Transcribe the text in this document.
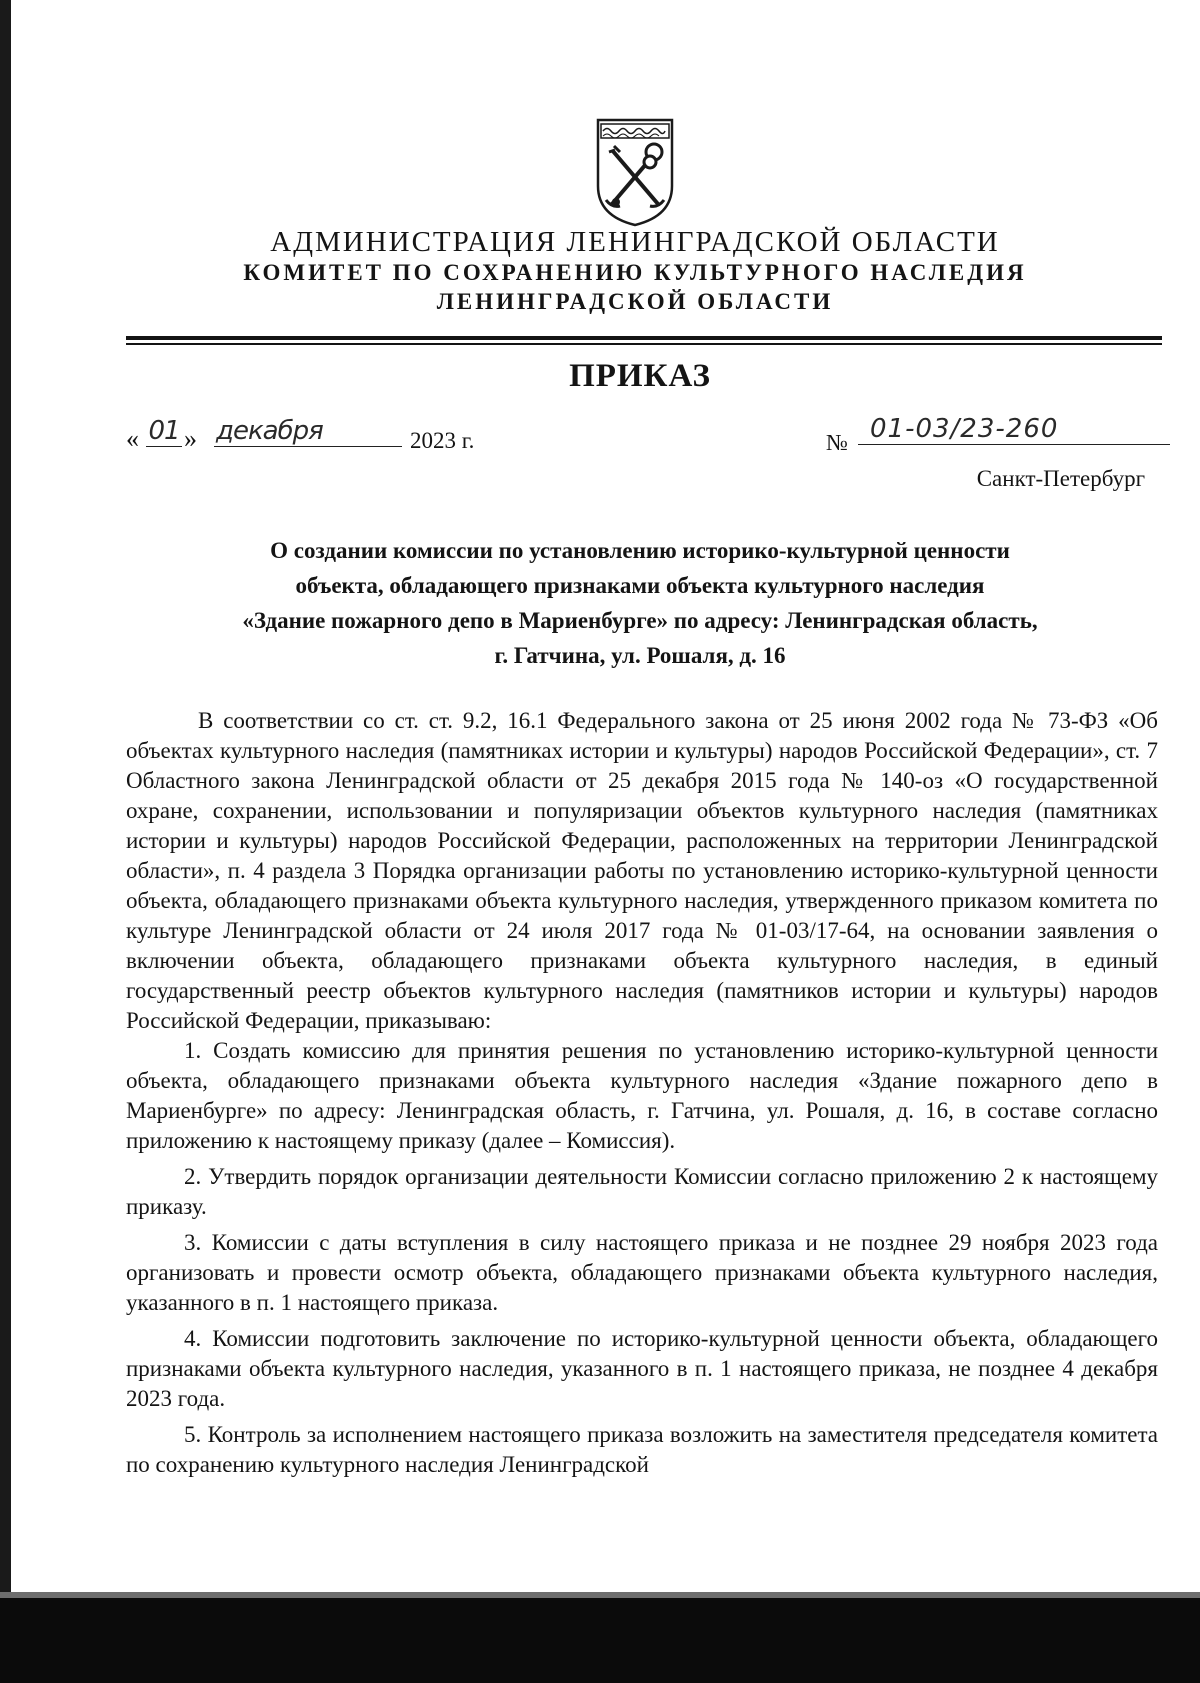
АДМИНИСТРАЦИЯ ЛЕНИНГРАДСКОЙ ОБЛАСТИ
КОМИТЕТ ПО СОХРАНЕНИЮ КУЛЬТУРНОГО НАСЛЕДИЯ
ЛЕНИНГРАДСКОЙ ОБЛАСТИ
ПРИКАЗ
« 01 » декабря	2023 г.	№ 01-03/23-260
Санкт-Петербург
О создании комиссии по установлению историко-культурной ценности
объекта, обладающего признаками объекта культурного наследия
«Здание пожарного депо в Мариенбурге» по адресу: Ленинградская область,
г. Гатчина, ул. Рошаля, д. 16
В соответствии со ст. ст. 9.2, 16.1 Федерального закона от 25 июня 2002 года № 73-ФЗ «Об объектах культурного наследия (памятниках истории и культуры) народов Российской Федерации», ст. 7 Областного закона Ленинградской области от 25 декабря 2015 года № 140-оз «О государственной охране, сохранении, использовании и популяризации объектов культурного наследия (памятниках истории и культуры) народов Российской Федерации, расположенных на территории Ленинградской области», п. 4 раздела 3 Порядка организации работы по установлению историко-культурной ценности объекта, обладающего признаками объекта культурного наследия, утвержденного приказом комитета по культуре Ленинградской области от 24 июля 2017 года № 01-03/17-64, на основании заявления о включении объекта, обладающего признаками объекта культурного наследия, в единый государственный реестр объектов культурного наследия (памятников истории и культуры) народов Российской Федерации, приказываю:
1. Создать комиссию для принятия решения по установлению историко-культурной ценности объекта, обладающего признаками объекта культурного наследия «Здание пожарного депо в Мариенбурге» по адресу: Ленинградская область, г. Гатчина, ул. Рошаля, д. 16, в составе согласно приложению к настоящему приказу (далее – Комиссия).
2. Утвердить порядок организации деятельности Комиссии согласно приложению 2 к настоящему приказу.
3. Комиссии с даты вступления в силу настоящего приказа и не позднее 29 ноября 2023 года организовать и провести осмотр объекта, обладающего признаками объекта культурного наследия, указанного в п. 1 настоящего приказа.
4. Комиссии подготовить заключение по историко-культурной ценности объекта, обладающего признаками объекта культурного наследия, указанного в п. 1 настоящего приказа, не позднее 4 декабря 2023 года.
5. Контроль за исполнением настоящего приказа возложить на заместителя председателя комитета по сохранению культурного наследия Ленинградской
